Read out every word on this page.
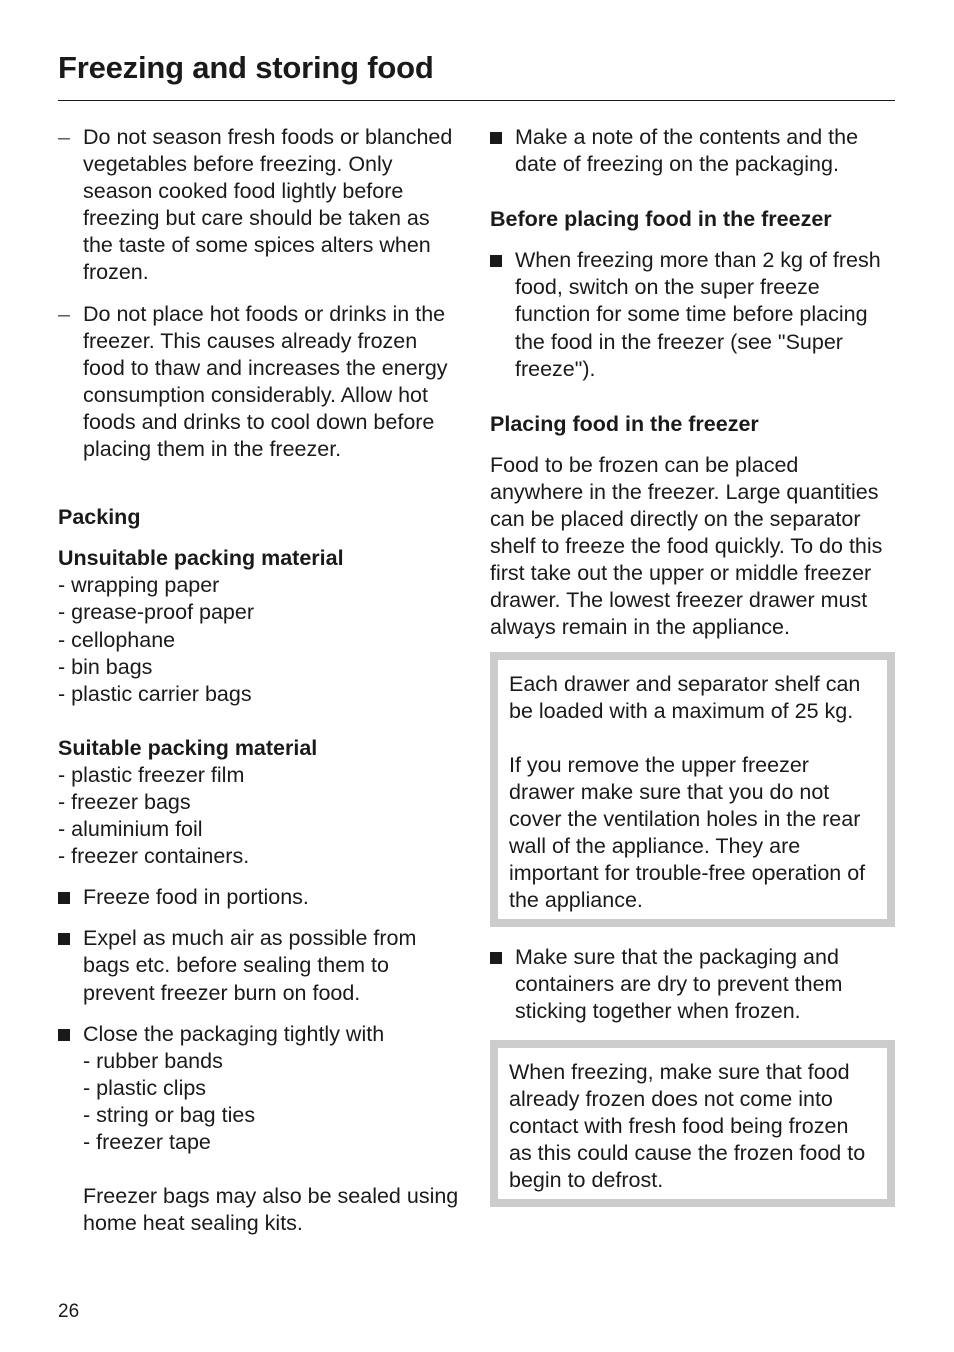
Freezing and storing food
– Do not season fresh foods or blanched vegetables before freezing. Only season cooked food lightly before freezing but care should be taken as the taste of some spices alters when frozen.

– Do not place hot foods or drinks in the freezer. This causes already frozen food to thaw and increases the energy consumption considerably. Allow hot foods and drinks to cool down before placing them in the freezer.

Packing

Unsuitable packing material

- wrapping paper

- grease-proof paper

- cellophane

- bin bags

- plastic carrier bags

Suitable packing material

- plastic freezer film

- freezer bags

- aluminium foil

- freezer containers.

Freeze food in portions.

Expel as much air as possible from bags etc. before sealing them to prevent freezer burn on food.

Close the packaging tightly with

- rubber bands

- plastic clips

- string or bag ties

- freezer tape

Freezer bags may also be sealed using home heat sealing kits.

Make a note of the contents and the date of freezing on the packaging.

Before placing food in the freezer

When freezing more than 2 kg of fresh food, switch on the super freeze function for some time before placing the food in the freezer (see "Super freeze").

Placing food in the freezer

Food to be frozen can be placed anywhere in the freezer. Large quantities can be placed directly on the separator shelf to freeze the food quickly. To do this first take out the upper or middle freezer drawer. The lowest freezer drawer must always remain in the appliance.

Each drawer and separator shelf can be loaded with a maximum of 25 kg.

If you remove the upper freezer drawer make sure that you do not cover the ventilation holes in the rear wall of the appliance. They are important for trouble-free operation of the appliance.

Make sure that the packaging and containers are dry to prevent them sticking together when frozen.

When freezing, make sure that food already frozen does not come into contact with fresh food being frozen as this could cause the frozen food to begin to defrost.

26
